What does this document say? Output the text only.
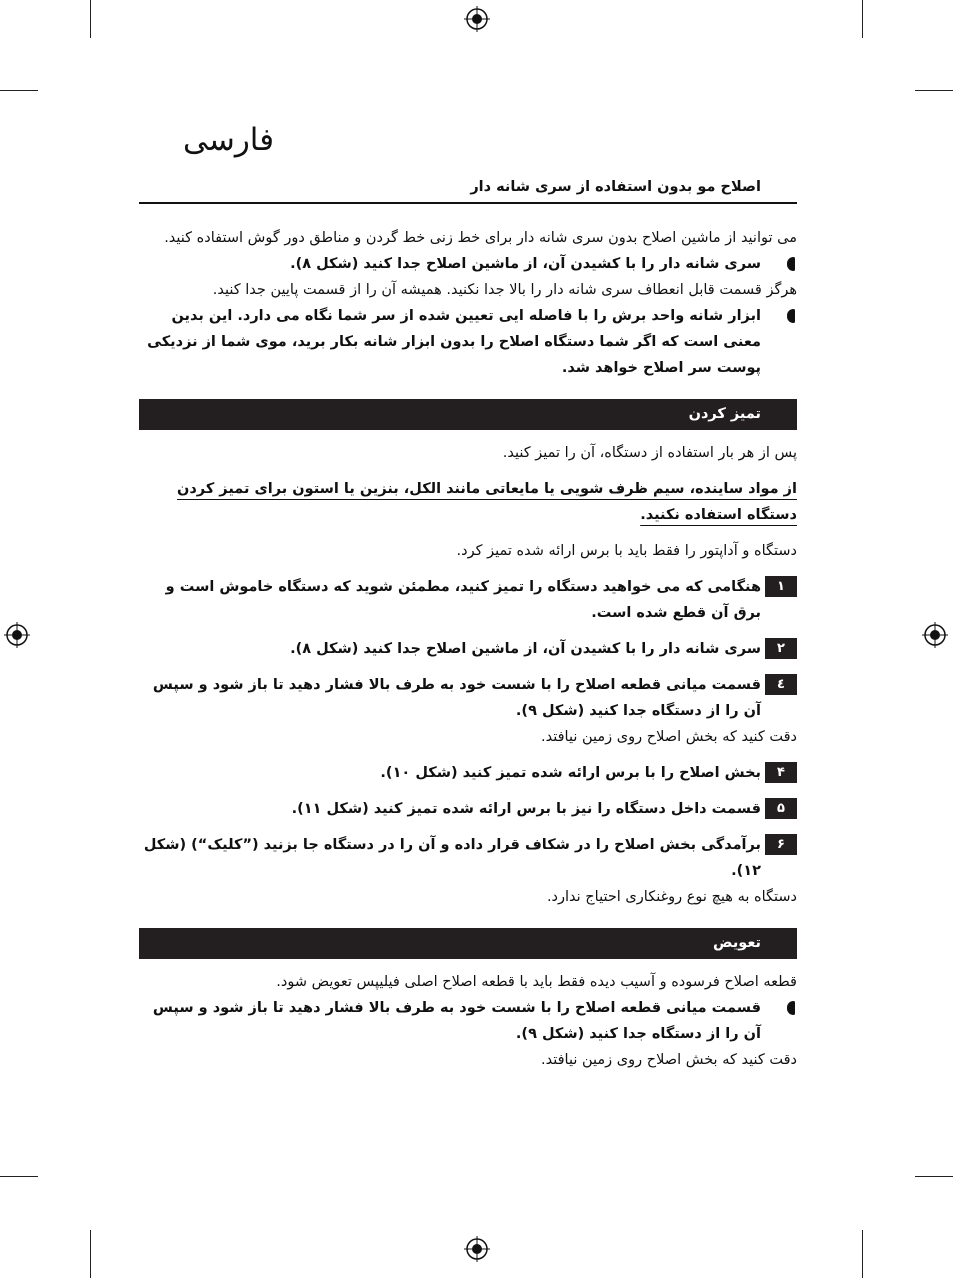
فارسی
اصلاح مو بدون استفاده از سری شانه دار

می توانید از ماشین اصلاح بدون سری شانه دار برای خط زنی خط گردن و مناطق دور گوش استفاده کنید.

سری شانه دار را با کشیدن آن، از ماشین اصلاح جدا کنید (شکل ۸).

هرگز قسمت قابل انعطاف سری شانه دار را بالا جدا نکنید. همیشه آن را از قسمت پایین جدا کنید.

ابزار شانه واحد برش را با فاصله ایی تعیین شده از سر شما نگاه می دارد. این بدین معنی است که اگر شما دستگاه اصلاح را بدون ابزار شانه بکار برید، موی شما از نزدیکی پوست سر اصلاح خواهد شد.

تمیز کردن

پس از هر بار استفاده از دستگاه، آن را تمیز کنید.

از مواد ساینده، سیم ظرف شویی یا مایعاتی مانند الکل، بنزین یا استون برای تمیز کردن دستگاه استفاده نکنید.

دستگاه و آداپتور را فقط باید با برس ارائه شده تمیز کرد.

۱
هنگامی که می خواهید دستگاه را تمیز کنید، مطمئن شوید که دستگاه خاموش است و برق آن قطع شده است.

۲
سری شانه دار را با کشیدن آن، از ماشین اصلاح جدا کنید (شکل ۸).

٤
قسمت میانی قطعه اصلاح را با شست خود به طرف بالا فشار دهید تا باز شود و سپس آن را از دستگاه جدا کنید (شکل ۹).

دقت کنید که بخش اصلاح روی زمین نیافتد.

۴
بخش اصلاح را با برس ارائه شده تمیز کنید (شکل ۱۰).

۵
قسمت داخل دستگاه را نیز با برس ارائه شده تمیز کنید (شکل ۱۱).

۶
برآمدگی بخش اصلاح را در شکاف قرار داده و آن را در دستگاه جا بزنید (”کلیک“) (شکل ۱۲).

دستگاه به هیچ نوع روغنکاری احتیاج ندارد.

تعویض

قطعه اصلاح فرسوده و آسیب دیده فقط باید با قطعه اصلاح اصلی فیلیپس تعویض شود.

قسمت میانی قطعه اصلاح را با شست خود به طرف بالا فشار دهید تا باز شود و سپس آن را از دستگاه جدا کنید (شکل ۹).

دقت کنید که بخش اصلاح روی زمین نیافتد.
